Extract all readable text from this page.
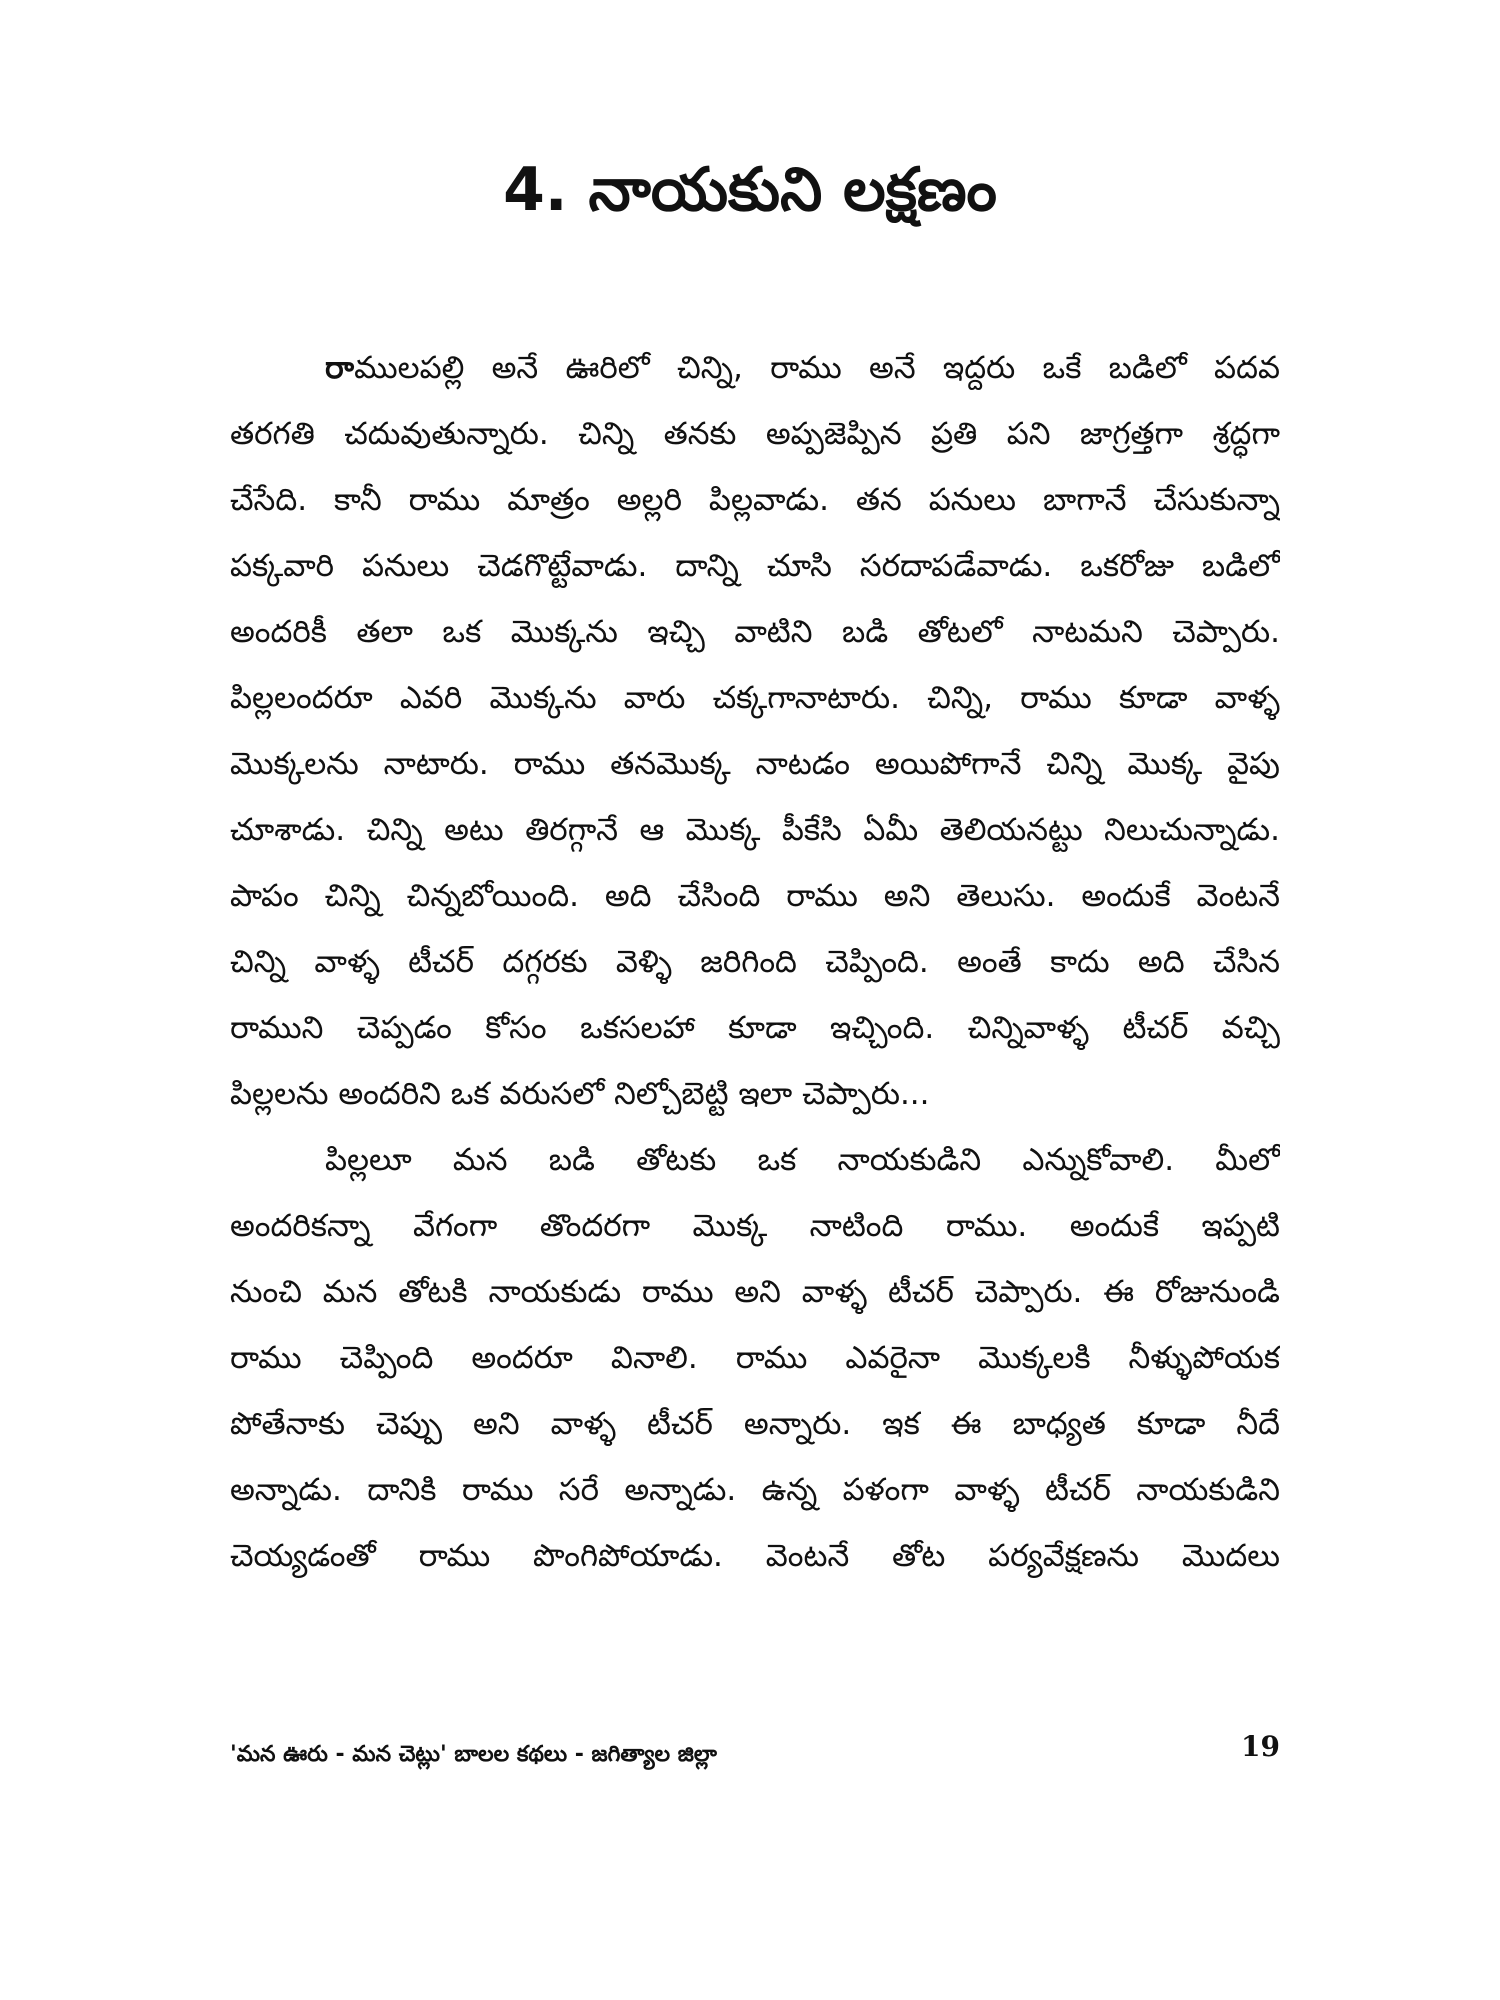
4. నాయకుని లక్షణం
రాములపల్లి అనే ఊరిలో చిన్ని, రాము అనే ఇద్దరు ఒకే బడిలో పదవ
తరగతి చదువుతున్నారు. చిన్ని తనకు అప్పజెప్పిన ప్రతి పని జాగ్రత్తగా శ్రద్ధగా
చేసేది. కానీ రాము మాత్రం అల్లరి పిల్లవాడు. తన పనులు బాగానే చేసుకున్నా
పక్కవారి పనులు చెడగొట్టేవాడు. దాన్ని చూసి సరదాపడేవాడు. ఒకరోజు బడిలో
అందరికీ తలా ఒక మొక్కను ఇచ్చి వాటిని బడి తోటలో నాటమని చెప్పారు.
పిల్లలందరూ ఎవరి మొక్కను వారు చక్కగానాటారు. చిన్ని, రాము కూడా వాళ్ళ
మొక్కలను నాటారు. రాము తనమొక్క నాటడం అయిపోగానే చిన్ని మొక్క వైపు
చూశాడు. చిన్ని అటు తిరగ్గానే ఆ మొక్క పీకేసి ఏమీ తెలియనట్టు నిలుచున్నాడు.
పాపం చిన్ని చిన్నబోయింది. అది చేసింది రాము అని తెలుసు. అందుకే వెంటనే
చిన్ని వాళ్ళ టీచర్ దగ్గరకు వెళ్ళి జరిగింది చెప్పింది. అంతే కాదు అది చేసిన
రాముని చెప్పడం కోసం ఒకసలహా కూడా ఇచ్చింది. చిన్నివాళ్ళ టీచర్ వచ్చి
పిల్లలను అందరిని ఒక వరుసలో నిల్చోబెట్టి ఇలా చెప్పారు...
పిల్లలూ మన బడి తోటకు ఒక నాయకుడిని ఎన్నుకోవాలి. మీలో
అందరికన్నా వేగంగా తొందరగా మొక్క నాటింది రాము. అందుకే ఇప్పటి
నుంచి మన తోటకి నాయకుడు రాము అని వాళ్ళ టీచర్ చెప్పారు. ఈ రోజునుండి
రాము చెప్పింది అందరూ వినాలి. రాము ఎవరైనా మొక్కలకి నీళ్ళుపోయక
పోతేనాకు చెప్పు అని వాళ్ళ టీచర్ అన్నారు. ఇక ఈ బాధ్యత కూడా నీదే
అన్నాడు. దానికి రాము సరే అన్నాడు. ఉన్న పళంగా వాళ్ళ టీచర్ నాయకుడిని
చెయ్యడంతో రాము పొంగిపోయాడు. వెంటనే తోట పర్యవేక్షణను మొదలు
'మన ఊరు - మన చెట్లు' బాలల కథలు - జగిత్యాల జిల్లా	19
